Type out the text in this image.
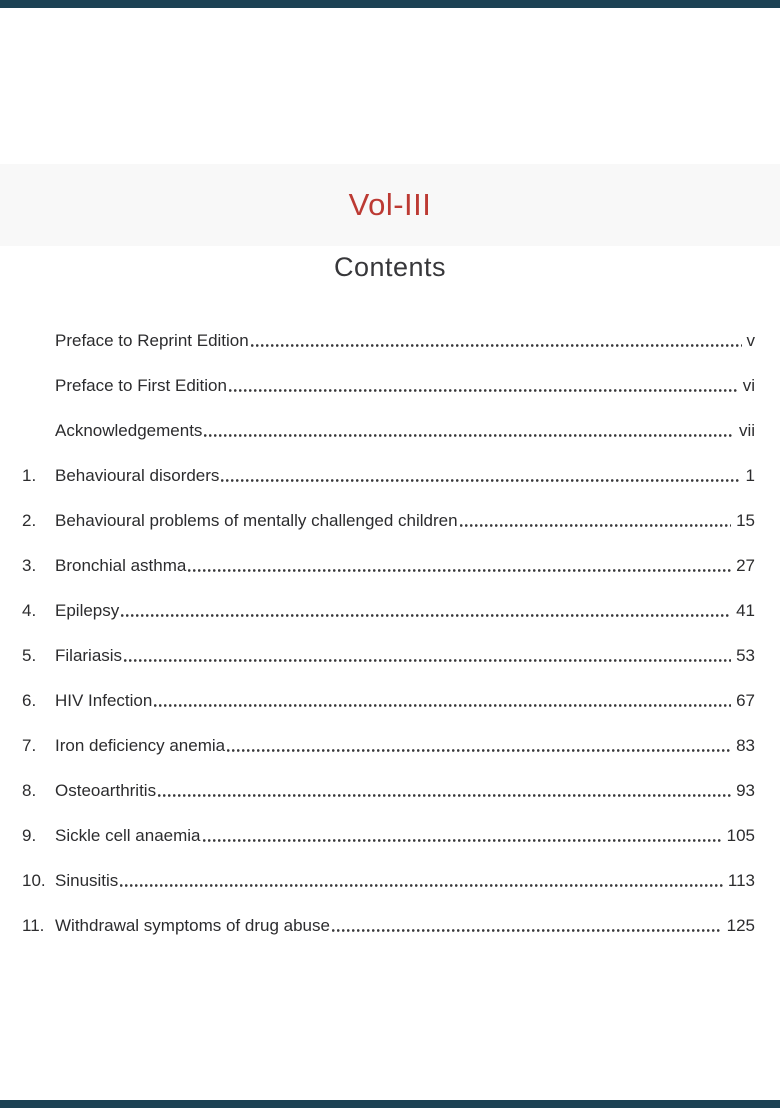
Vol-III
Contents
Preface to Reprint Edition	v
Preface to First Edition	vi
Acknowledgements	vii
1.	Behavioural disorders	1
2.	Behavioural problems of mentally challenged children	15
3.	Bronchial asthma	27
4.	Epilepsy	41
5.	Filariasis	53
6.	HIV Infection	67
7.	Iron deficiency anemia	83
8.	Osteoarthritis	93
9.	Sickle cell anaemia	105
10. Sinusitis	113
11. Withdrawal symptoms of drug abuse	125
